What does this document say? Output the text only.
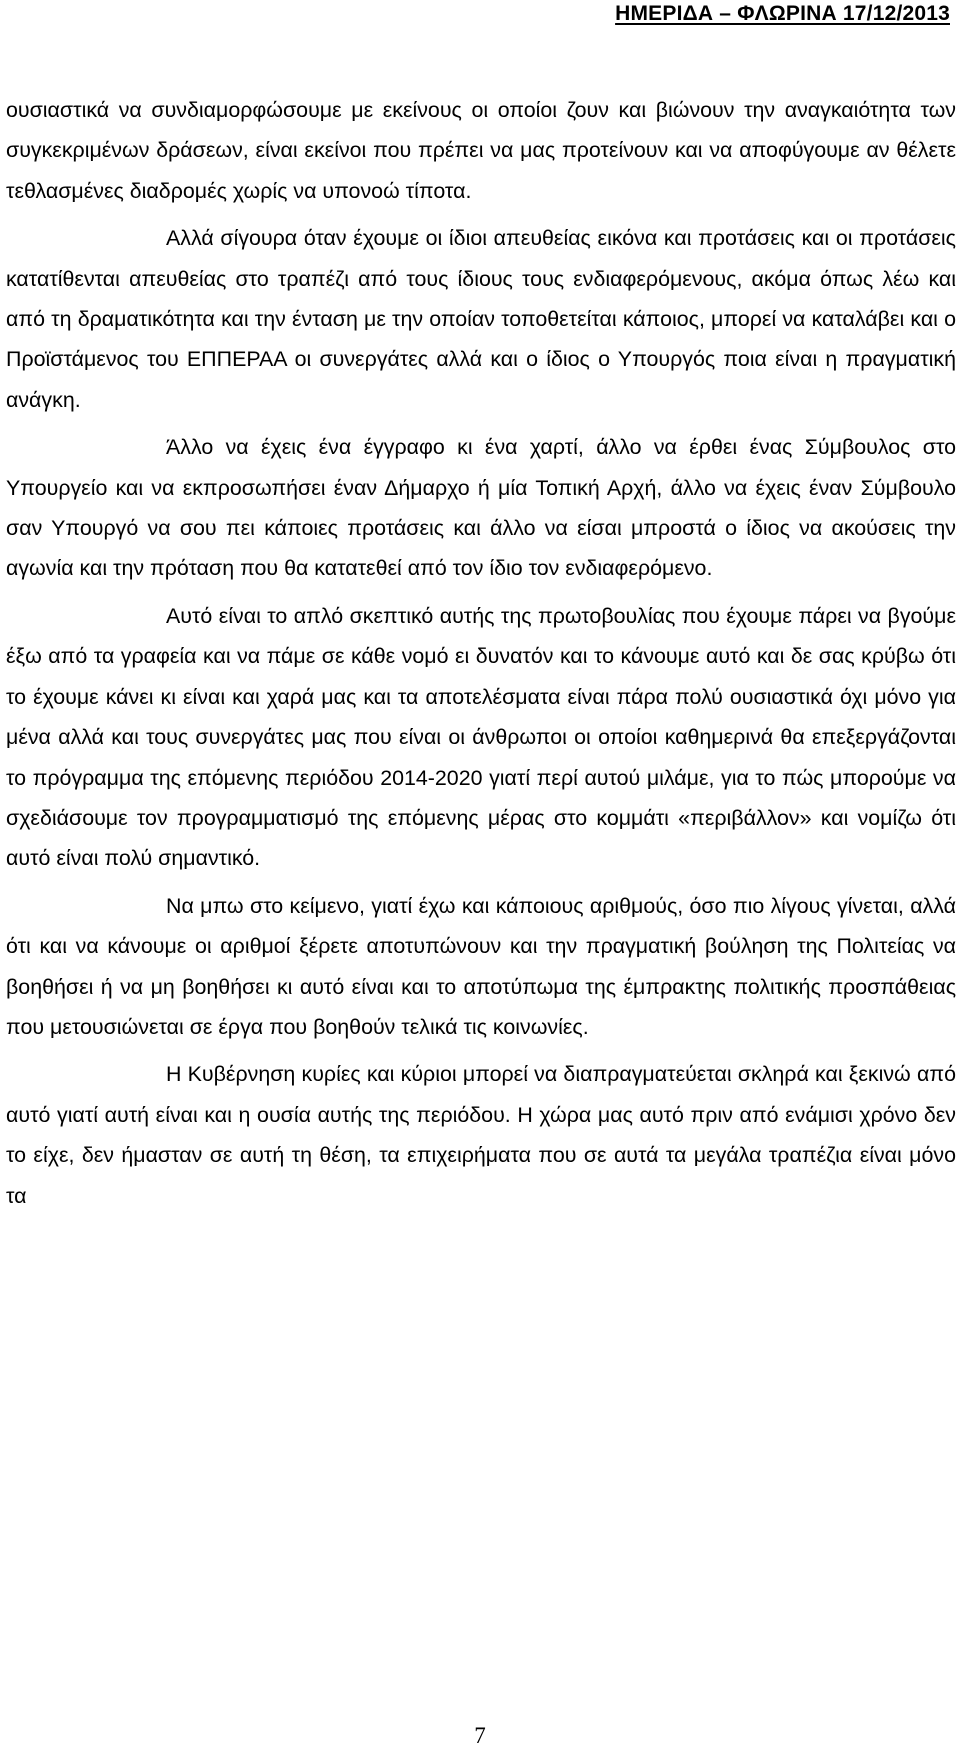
ΗΜΕΡΙΔΑ – ΦΛΩΡΙΝΑ 17/12/2013

ουσιαστικά να συνδιαμορφώσουμε με εκείνους οι οποίοι ζουν και βιώνουν την αναγκαιότητα των συγκεκριμένων δράσεων, είναι εκείνοι που πρέπει να μας προτείνουν και να αποφύγουμε αν θέλετε τεθλασμένες διαδρομές χωρίς να υπονοώ τίποτα.

Αλλά σίγουρα όταν έχουμε οι ίδιοι απευθείας εικόνα και προτάσεις και οι προτάσεις κατατίθενται απευθείας στο τραπέζι από τους ίδιους τους ενδιαφερόμενους, ακόμα όπως λέω και από τη δραματικότητα και την ένταση με την οποίαν τοποθετείται κάποιος, μπορεί να καταλάβει και ο Προϊστάμενος του ΕΠΠΕΡΑΑ οι συνεργάτες αλλά και ο ίδιος ο Υπουργός ποια είναι η πραγματική ανάγκη.

Άλλο να έχεις ένα έγγραφο κι ένα χαρτί, άλλο να έρθει ένας Σύμβουλος στο Υπουργείο και να εκπροσωπήσει έναν Δήμαρχο ή μία Τοπική Αρχή, άλλο να έχεις έναν Σύμβουλο σαν Υπουργό να σου πει κάποιες προτάσεις και άλλο να είσαι μπροστά ο ίδιος να ακούσεις την αγωνία και την πρόταση που θα κατατεθεί από τον ίδιο τον ενδιαφερόμενο.

Αυτό είναι το απλό σκεπτικό αυτής της πρωτοβουλίας που έχουμε πάρει να βγούμε έξω από τα γραφεία και να πάμε σε κάθε νομό ει δυνατόν και το κάνουμε αυτό και δε σας κρύβω ότι το έχουμε κάνει κι είναι και χαρά μας και τα αποτελέσματα είναι πάρα πολύ ουσιαστικά όχι μόνο για μένα αλλά και τους συνεργάτες μας που είναι οι άνθρωποι οι οποίοι καθημερινά θα επεξεργάζονται το πρόγραμμα της επόμενης περιόδου 2014-2020 γιατί περί αυτού μιλάμε, για το πώς μπορούμε να σχεδιάσουμε τον προγραμματισμό της επόμενης μέρας στο κομμάτι «περιβάλλον» και νομίζω ότι αυτό είναι πολύ σημαντικό.

Να μπω στο κείμενο, γιατί έχω και κάποιους αριθμούς, όσο πιο λίγους γίνεται, αλλά ότι και να κάνουμε οι αριθμοί ξέρετε αποτυπώνουν και την πραγματική βούληση της Πολιτείας να βοηθήσει ή να μη βοηθήσει κι αυτό είναι και το αποτύπωμα της έμπρακτης πολιτικής προσπάθειας που μετουσιώνεται σε έργα που βοηθούν τελικά τις κοινωνίες.

Η Κυβέρνηση κυρίες και κύριοι μπορεί να διαπραγματεύεται σκληρά και ξεκινώ από αυτό γιατί αυτή είναι και η ουσία αυτής της περιόδου. Η χώρα μας αυτό πριν από ενάμισι χρόνο δεν το είχε, δεν ήμασταν σε αυτή τη θέση, τα επιχειρήματα που σε αυτά τα μεγάλα τραπέζια είναι μόνο τα

7
